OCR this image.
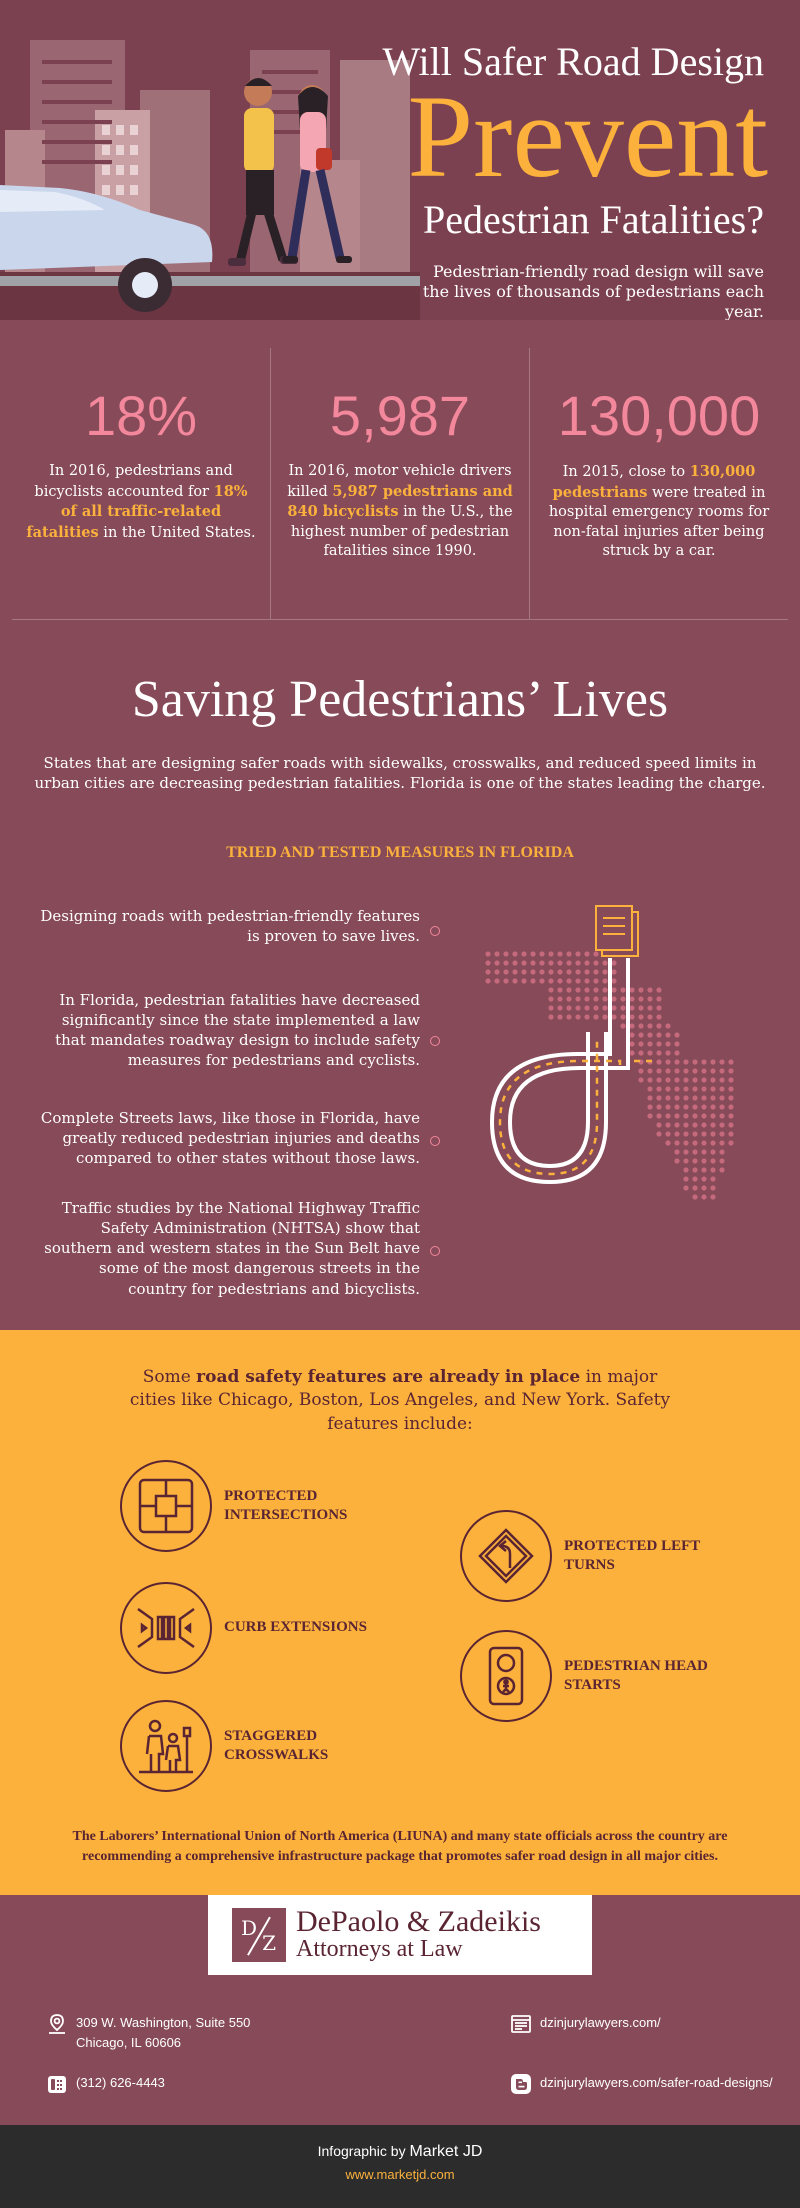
Will Safer Road Design
Prevent
Pedestrian Fatalities?
Pedestrian-friendly road design will save the lives of thousands of pedestrians each year.
18%
In 2016, pedestrians and bicyclists accounted for 18% of all traffic-related fatalities in the United States.
5,987
In 2016, motor vehicle drivers killed 5,987 pedestrians and 840 bicyclists in the U.S., the highest number of pedestrian fatalities since 1990.
130,000
In 2015, close to 130,000 pedestrians were treated in hospital emergency rooms for non-fatal injuries after being struck by a car.
Saving Pedestrians’ Lives

States that are designing safer roads with sidewalks, crosswalks, and reduced speed limits in urban cities are decreasing pedestrian fatalities. Florida is one of the states leading the charge.

TRIED AND TESTED MEASURES IN FLORIDA
Designing roads with pedestrian-friendly features is proven to save lives.
In Florida, pedestrian fatalities have decreased significantly since the state implemented a law that mandates roadway design to include safety measures for pedestrians and cyclists.
Complete Streets laws, like those in Florida, have greatly reduced pedestrian injuries and deaths compared to other states without those laws.
Traffic studies by the National Highway Traffic Safety Administration (NHTSA) show that southern and western states in the Sun Belt have some of the most dangerous streets in the country for pedestrians and bicyclists.
Some road safety features are already in place in major cities like Chicago, Boston, Los Angeles, and New York. Safety features include:
PROTECTED INTERSECTIONS
PROTECTED LEFT TURNS
CURB EXTENSIONS
PEDESTRIAN HEAD STARTS
STAGGERED CROSSWALKS
The Laborers’ International Union of North America (LIUNA) and many state officials across the country are recommending a comprehensive infrastructure package that promotes safer road design in all major cities.
D
Z
DePaolo & Zadeikis
Attorneys at Law
309 W. Washington, Suite 550
Chicago, IL 60606
(312) 626-4443
dzinjurylawyers.com/
dzinjurylawyers.com/safer-road-designs/
Infographic by Market JD
www.marketjd.com
